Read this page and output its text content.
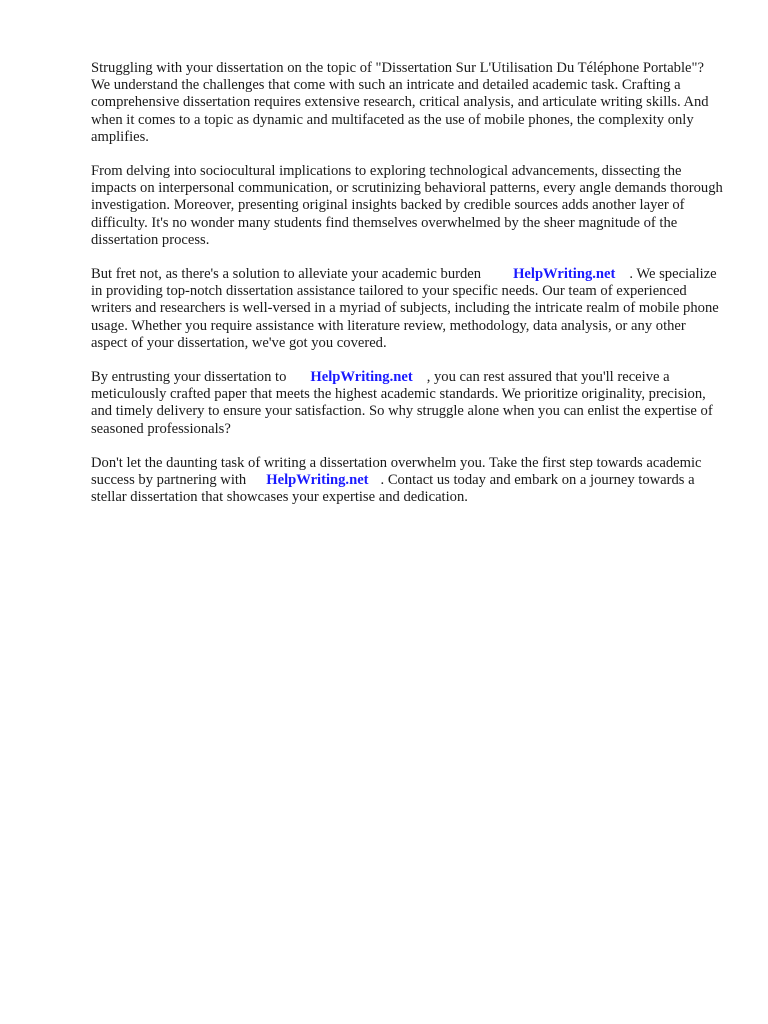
Struggling with your dissertation on the topic of "Dissertation Sur L'Utilisation Du Téléphone Portable"? We understand the challenges that come with such an intricate and detailed academic task. Crafting a comprehensive dissertation requires extensive research, critical analysis, and articulate writing skills. And when it comes to a topic as dynamic and multifaceted as the use of mobile phones, the complexity only amplifies.

From delving into sociocultural implications to exploring technological advancements, dissecting the impacts on interpersonal communication, or scrutinizing behavioral patterns, every angle demands thorough investigation. Moreover, presenting original insights backed by credible sources adds another layer of difficulty. It's no wonder many students find themselves overwhelmed by the sheer magnitude of the dissertation process.

But fret not, as there's a solution to alleviate your academic burden HelpWriting.net . We specialize in providing top-notch dissertation assistance tailored to your specific needs. Our team of experienced writers and researchers is well-versed in a myriad of subjects, including the intricate realm of mobile phone usage. Whether you require assistance with literature review, methodology, data analysis, or any other aspect of your dissertation, we've got you covered.

By entrusting your dissertation to HelpWriting.net , you can rest assured that you'll receive a meticulously crafted paper that meets the highest academic standards. We prioritize originality, precision, and timely delivery to ensure your satisfaction. So why struggle alone when you can enlist the expertise of seasoned professionals?

Don't let the daunting task of writing a dissertation overwhelm you. Take the first step towards academic success by partnering with HelpWriting.net . Contact us today and embark on a journey towards a stellar dissertation that showcases your expertise and dedication.
